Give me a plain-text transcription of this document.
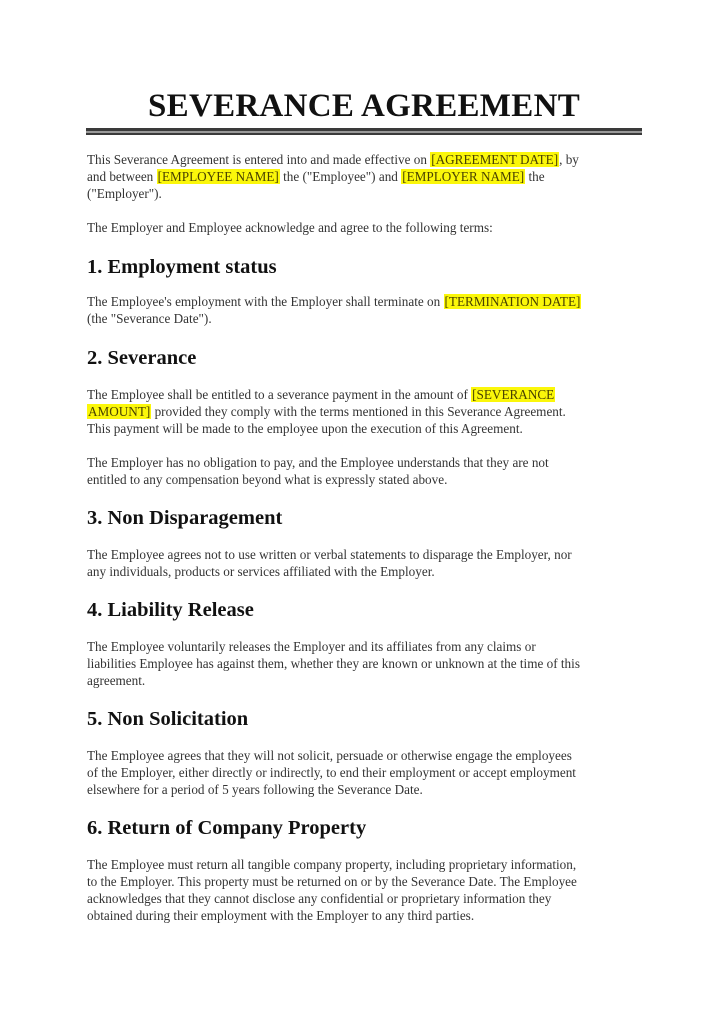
SEVERANCE AGREEMENT
This Severance Agreement is entered into and made effective on [AGREEMENT DATE], by
and between [EMPLOYEE NAME] the ("Employee") and [EMPLOYER NAME] the
("Employer").
The Employer and Employee acknowledge and agree to the following terms:
1. Employment status
The Employee's employment with the Employer shall terminate on [TERMINATION DATE]
(the "Severance Date").
2. Severance
The Employee shall be entitled to a severance payment in the amount of [SEVERANCE
AMOUNT] provided they comply with the terms mentioned in this Severance Agreement.
This payment will be made to the employee upon the execution of this Agreement.
The Employer has no obligation to pay, and the Employee understands that they are not
entitled to any compensation beyond what is expressly stated above.
3. Non Disparagement
The Employee agrees not to use written or verbal statements to disparage the Employer, nor
any individuals, products or services affiliated with the Employer.
4. Liability Release
The Employee voluntarily releases the Employer and its affiliates from any claims or
liabilities Employee has against them, whether they are known or unknown at the time of this
agreement.
5. Non Solicitation
The Employee agrees that they will not solicit, persuade or otherwise engage the employees
of the Employer, either directly or indirectly, to end their employment or accept employment
elsewhere for a period of 5 years following the Severance Date.
6. Return of Company Property
The Employee must return all tangible company property, including proprietary information,
to the Employer. This property must be returned on or by the Severance Date. The Employee
acknowledges that they cannot disclose any confidential or proprietary information they
obtained during their employment with the Employer to any third parties.
